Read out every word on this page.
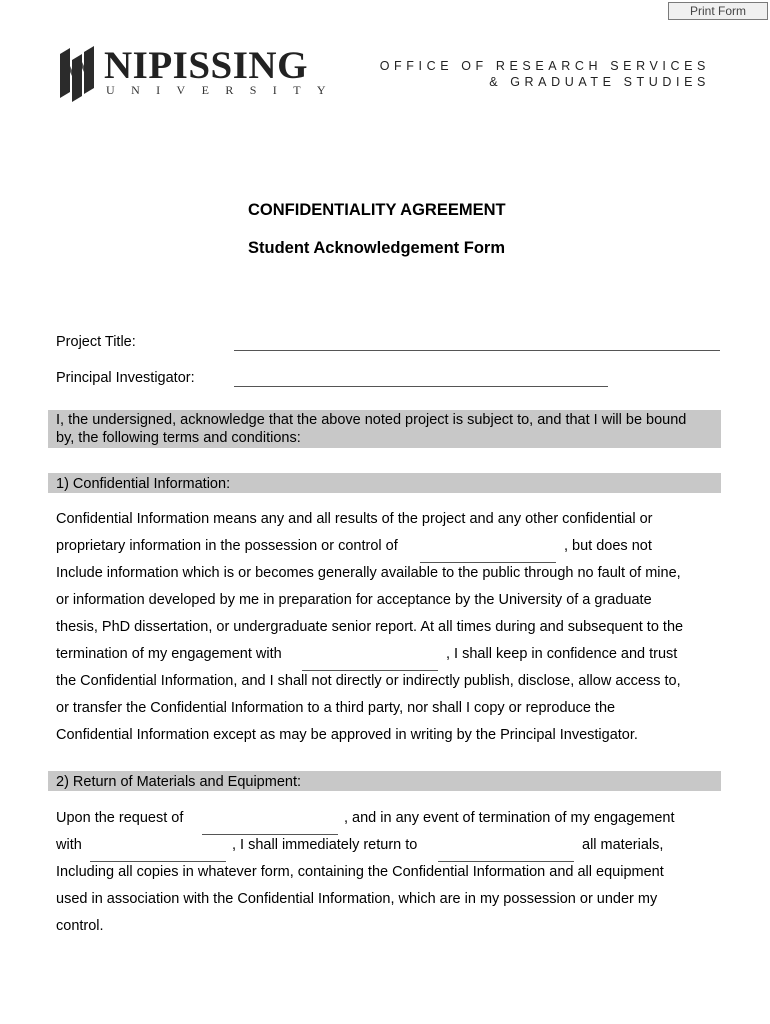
Print Form
NIPISSING
UNIVERSITY
OFFICE OF RESEARCH SERVICES
& GRADUATE STUDIES
CONFIDENTIALITY AGREEMENT
Student Acknowledgement Form
Project Title:
Principal Investigator:
I, the undersigned, acknowledge that the above noted project is subject to, and that I will be bound
by, the following terms and conditions:
1) Confidential Information:
Confidential Information means any and all results of the project and any other confidential or
proprietary information in the possession or control of	, but does not
Include information which is or becomes generally available to the public through no fault of mine,
or information developed by me in preparation for acceptance by the University of a graduate
thesis, PhD dissertation, or undergraduate senior report. At all times during and subsequent to the
termination of my engagement with	, I shall keep in confidence and trust
the Confidential Information, and I shall not directly or indirectly publish, disclose, allow access to,
or transfer the Confidential Information to a third party, nor shall I copy or reproduce the
Confidential Information except as may be approved in writing by the Principal Investigator.
2) Return of Materials and Equipment:
Upon the request of	, and in any event of termination of my engagement
with	, I shall immediately return to	all materials,
Including all copies in whatever form, containing the Confidential Information and all equipment
used in association with the Confidential Information, which are in my possession or under my
control.
